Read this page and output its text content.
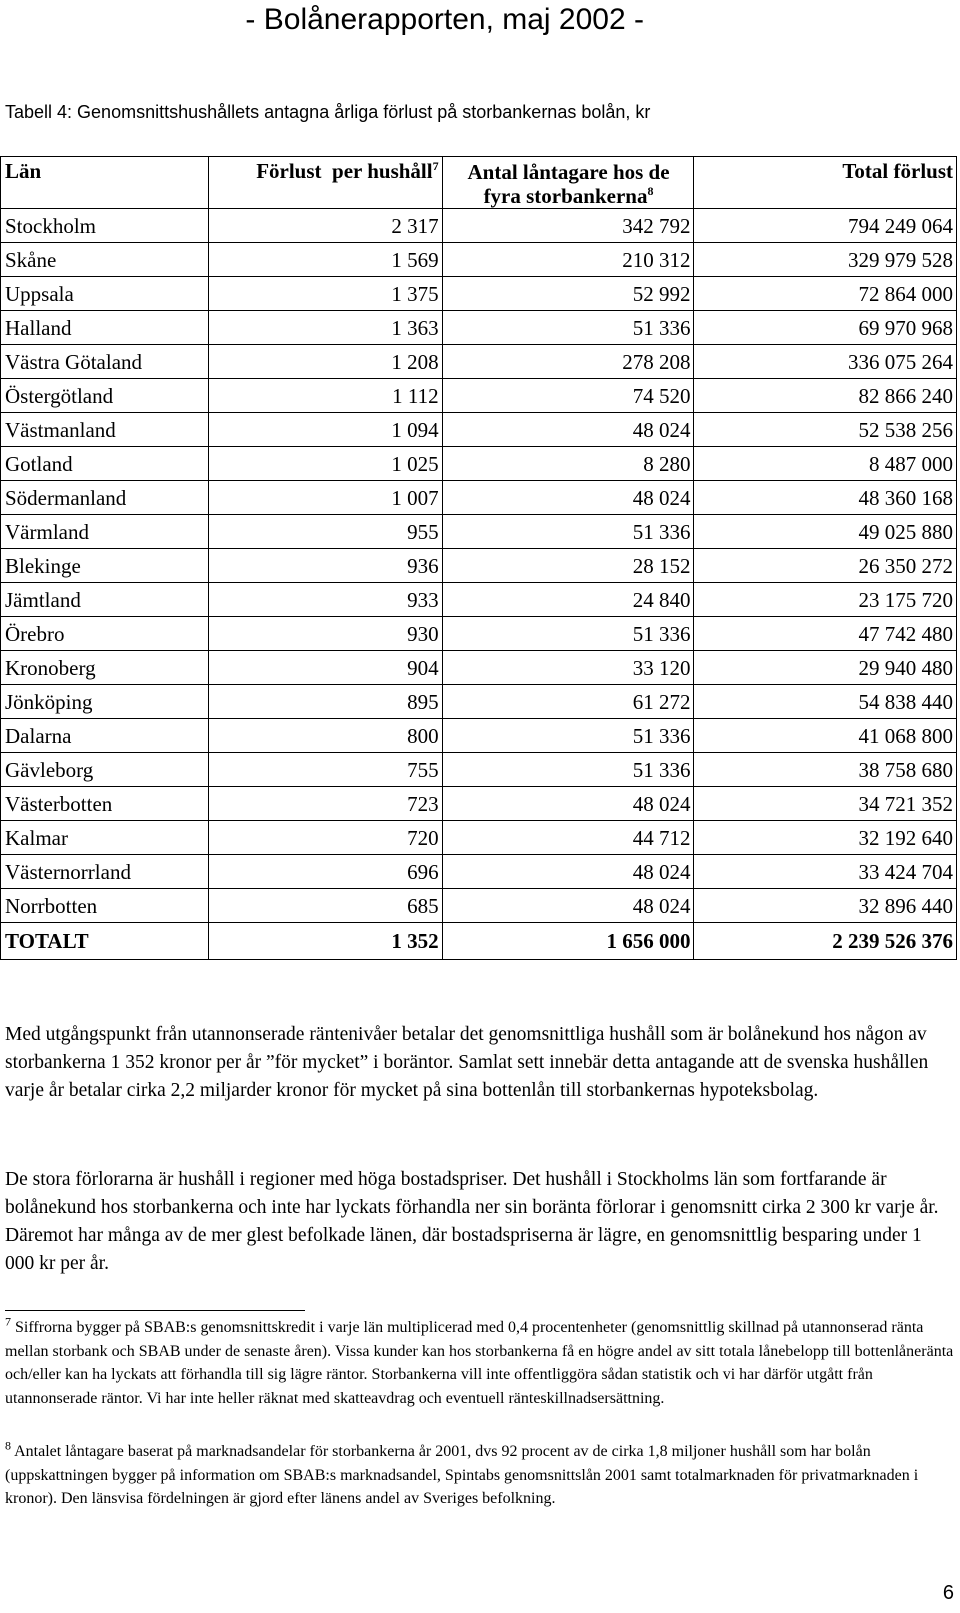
- Bolånerapporten, maj 2002 -
Tabell 4: Genomsnittshushållets antagna årliga förlust på storbankernas bolån, kr
Län	Förlust  per hushåll$^7$	Antal låntagare hos de
fyra storbankerna$^8$	Total förlust
Stockholm	2 317	342 792	794 249 064
Skåne	1 569	210 312	329 979 528
Uppsala	1 375	52 992	72 864 000
Halland	1 363	51 336	69 970 968
Västra Götaland	1 208	278 208	336 075 264
Östergötland	1 112	74 520	82 866 240
Västmanland	1 094	48 024	52 538 256
Gotland	1 025	8 280	8 487 000
Södermanland	1 007	48 024	48 360 168
Värmland	955	51 336	49 025 880
Blekinge	936	28 152	26 350 272
Jämtland	933	24 840	23 175 720
Örebro	930	51 336	47 742 480
Kronoberg	904	33 120	29 940 480
Jönköping	895	61 272	54 838 440
Dalarna	800	51 336	41 068 800
Gävleborg	755	51 336	38 758 680
Västerbotten	723	48 024	34 721 352
Kalmar	720	44 712	32 192 640
Västernorrland	696	48 024	33 424 704
Norrbotten	685	48 024	32 896 440
TOTALT	1 352	1 656 000	2 239 526 376

Med utgångspunkt från utannonserade räntenivåer betalar det genomsnittliga hushåll som är bolånekund hos någon av storbankerna 1 352 kronor per år ”för mycket” i boräntor. Samlat sett innebär detta antagande att de svenska hushållen varje år betalar cirka 2,2 miljarder kronor för mycket på sina bottenlån till storbankernas hypoteksbolag.

De stora förlorarna är hushåll i regioner med höga bostadspriser. Det hushåll i Stockholms län som fortfarande är bolånekund hos storbankerna och inte har lyckats förhandla ner sin boränta förlorar i genomsnitt cirka 2 300 kr varje år. Däremot har många av de mer glest befolkade länen, där bostadspriserna är lägre, en genomsnittlig besparing under 1 000 kr per år.

$^7$ Siffrorna bygger på SBAB:s genomsnittskredit i varje län multiplicerad med 0,4 procentenheter (genomsnittlig skillnad på utannonserad ränta mellan storbank och SBAB under de senaste åren). Vissa kunder kan hos storbankerna få en högre andel av sitt totala lånebelopp till bottenlåneränta och/eller kan ha lyckats att förhandla till sig lägre räntor. Storbankerna vill inte offentliggöra sådan statistik och vi har därför utgått från utannonserade räntor. Vi har inte heller räknat med skatteavdrag och eventuell ränteskillnadsersättning.

$^8$ Antalet låntagare baserat på marknadsandelar för storbankerna år 2001, dvs 92 procent av de cirka 1,8 miljoner hushåll som har bolån (uppskattningen bygger på information om SBAB:s marknadsandel, Spintabs genomsnittslån 2001 samt totalmarknaden för privatmarknaden i kronor). Den länsvisa fördelningen är gjord efter länens andel av Sveriges befolkning.

6
